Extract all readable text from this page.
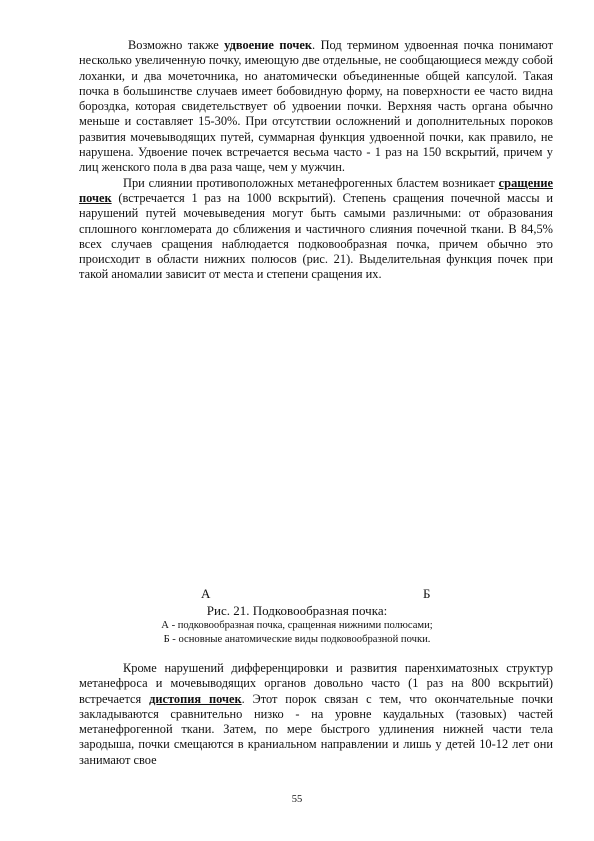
Возможно также удвоение почек. Под термином удвоенная почка понимают несколько увеличенную почку, имеющую две отдельные, не сообщающиеся между собой лоханки, и два мочеточника, но анатомически объединенные общей капсулой. Такая почка в большинстве случаев имеет бобовидную форму, на поверхности ее часто видна бороздка, которая свидетельствует об удвоении почки. Верхняя часть органа обычно меньше и составляет 15-30%. При отсутствии осложнений и дополнительных пороков развития мочевыводящих путей, суммарная функция удвоенной почки, как правило, не нарушена. Удвоение почек встречается весьма часто - 1 раз на 150 вскрытий, причем у лиц женского пола в два раза чаще, чем у мужчин.

При слиянии противоположных метанефрогенных бластем возникает сращение почек (встречается 1 раз на 1000 вскрытий). Степень сращения почечной массы и нарушений путей мочевыведения могут быть самыми различными: от образования сплошного конгломерата до сближения и частичного слияния почечной ткани. В 84,5% всех случаев сращения наблюдается подковообразная почка, причем обычно это происходит в области нижних полюсов (рис. 21). Выделительная функция почек при такой аномалии зависит от места и степени сращения их.

А	Б
Рис. 21. Подковообразная почка:
А - подковообразная почка, сращенная нижними полюсами;
Б - основные анатомические виды подковообразной почки.

Кроме нарушений дифференцировки и развития паренхиматозных структур метанефроса и мочевыводящих органов довольно часто (1 раз на 800 вскрытий) встречается дистопия почек. Этот порок связан с тем, что окончательные почки закладываются сравнительно низко - на уровне каудальных (тазовых) частей метанефрогенной ткани. Затем, по мере быстрого удлинения нижней части тела зародыша, почки смещаются в краниальном направлении и лишь у детей 10-12 лет они занимают свое

55
